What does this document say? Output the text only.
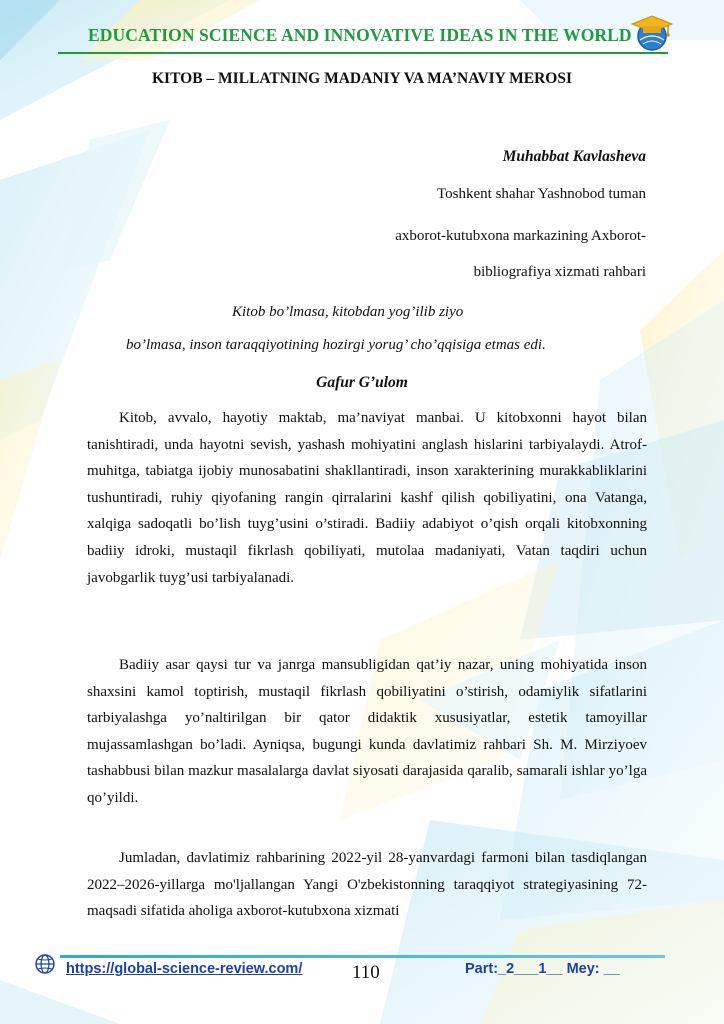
EDUCATION SCIENCE AND INNOVATIVE IDEAS IN THE WORLD
KITOB – MILLATNING MADANIY VA MA’NAVIY MEROSI
Muhabbat Kavlasheva
Toshkent shahar Yashnobod tuman
axborot-kutubxona markazining Axborot-
bibliografiya xizmati rahbari
Kitob bo’lmasa, kitobdan yog’ilib ziyo
bo’lmasa, inson taraqqiyotining hozirgi yorug’ cho’qqisiga etmas edi.
Gafur G’ulom

Kitob, avvalo, hayotiy maktab, ma’naviyat manbai. U kitobxonni hayot bilan tanishtiradi, unda hayotni sevish, yashash mohiyatini anglash hislarini tarbiyalaydi. Atrof-muhitga, tabiatga ijobiy munosabatini shakllantiradi, inson xarakterining murakkabliklarini tushuntiradi, ruhiy qiyofaning rangin qirralarini kashf qilish qobiliyatini, ona Vatanga, xalqiga sadoqatli bo’lish tuyg’usini o’stiradi. Badiiy adabiyot o’qish orqali kitobxonning badiiy idroki, mustaqil fikrlash qobiliyati, mutolaa madaniyati, Vatan taqdiri uchun javobgarlik tuyg’usi tarbiyalanadi.

Badiiy asar qaysi tur va janrga mansubligidan qat’iy nazar, uning mohiyatida inson shaxsini kamol toptirish, mustaqil fikrlash qobiliyatini o’stirish, odamiylik sifatlarini tarbiyalashga yo’naltirilgan bir qator didaktik xususiyatlar, estetik tamoyillar mujassamlashgan bo’ladi. Ayniqsa, bugungi kunda davlatimiz rahbari Sh. M. Mirziyoev tashabbusi bilan mazkur masalalarga davlat siyosati darajasida qaralib, samarali ishlar yo’lga qo’yildi.

Jumladan, davlatimiz rahbarining 2022-yil 28-yanvardagi farmoni bilan tasdiqlangan 2022–2026-yillarga mo'ljallangan Yangi O'zbekistonning taraqqiyot strategiyasining 72-maqsadi sifatida aholiga axborot-kutubxona xizmati

https://global-science-review.com/	110	Part:_2___1__ Mey: __
